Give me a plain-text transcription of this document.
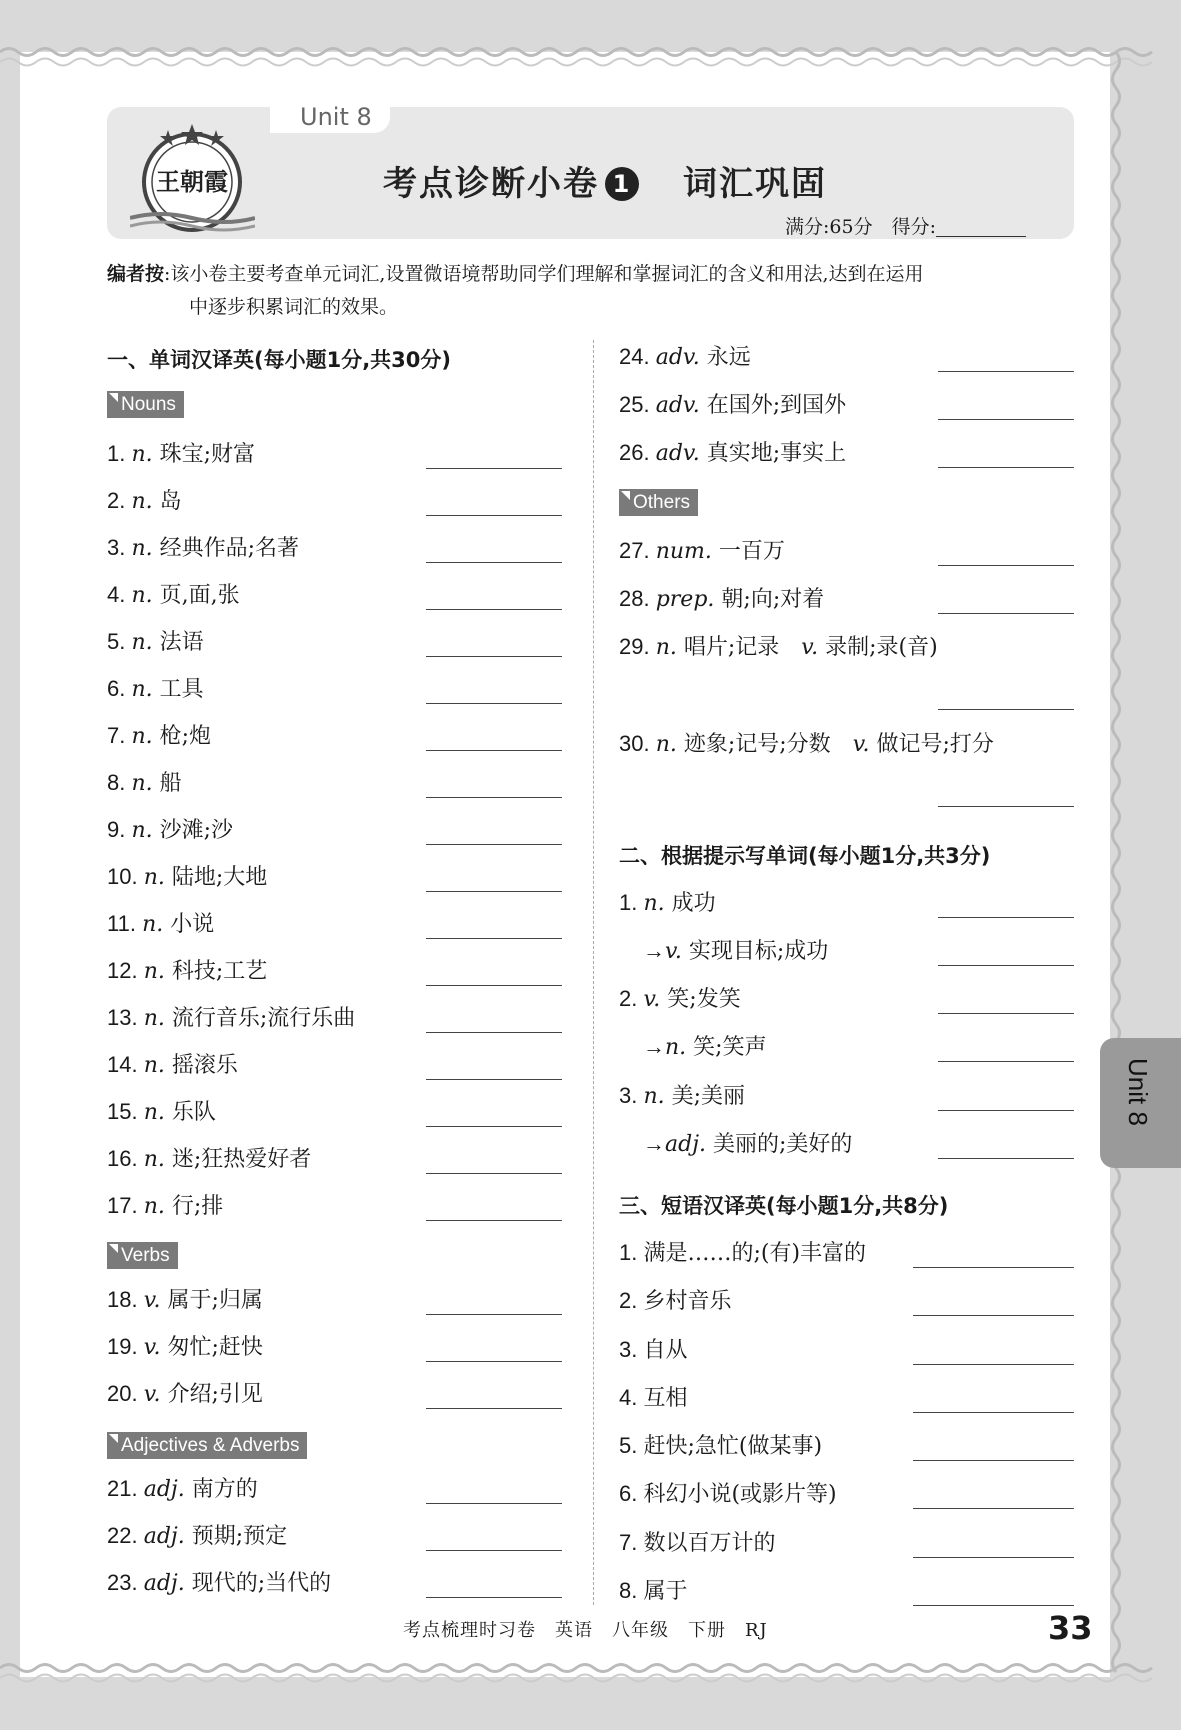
Unit 8
王朝霞	考点诊断小卷 1 词汇巩固
满分:65分　得分:
编者按:该小卷主要考查单元词汇,设置微语境帮助同学们理解和掌握词汇的含义和用法,达到在运用
中逐步积累词汇的效果。
一、单词汉译英(每小题1分,共30分)
Nouns
Verbs
Adjectives & Adverbs
Others
二、根据提示写单词(每小题1分,共3分)
三、短语汉译英(每小题1分,共8分)
1. n. 珠宝;财富
2. n. 岛
3. n. 经典作品;名著
4. n. 页,面,张
5. n. 法语
6. n. 工具
7. n. 枪;炮
8. n. 船
9. n. 沙滩;沙
10. n. 陆地;大地
11. n. 小说
12. n. 科技;工艺
13. n. 流行音乐;流行乐曲
14. n. 摇滚乐
15. n. 乐队
16. n. 迷;狂热爱好者
17. n. 行;排
18. v. 属于;归属
19. v. 匆忙;赶快
20. v. 介绍;引见
21. adj. 南方的
22. adj. 预期;预定
23. adj. 现代的;当代的
24. adv. 永远
25. adv. 在国外;到国外
26. adv. 真实地;事实上
27. num. 一百万
28. prep. 朝;向;对着
29. n. 唱片;记录　v. 录制;录(音)
30. n. 迹象;记号;分数　v. 做记号;打分
1. n. 成功
→v. 实现目标;成功
2. v. 笑;发笑
→n. 笑;笑声
3. n. 美;美丽
→adj. 美丽的;美好的
1. 满是……的;(有)丰富的
2. 乡村音乐
3. 自从
4. 互相
5. 赶快;急忙(做某事)
6. 科幻小说(或影片等)
7. 数以百万计的
8. 属于
考点梳理时习卷　英语　八年级　下册　RJ	33
Unit 8
